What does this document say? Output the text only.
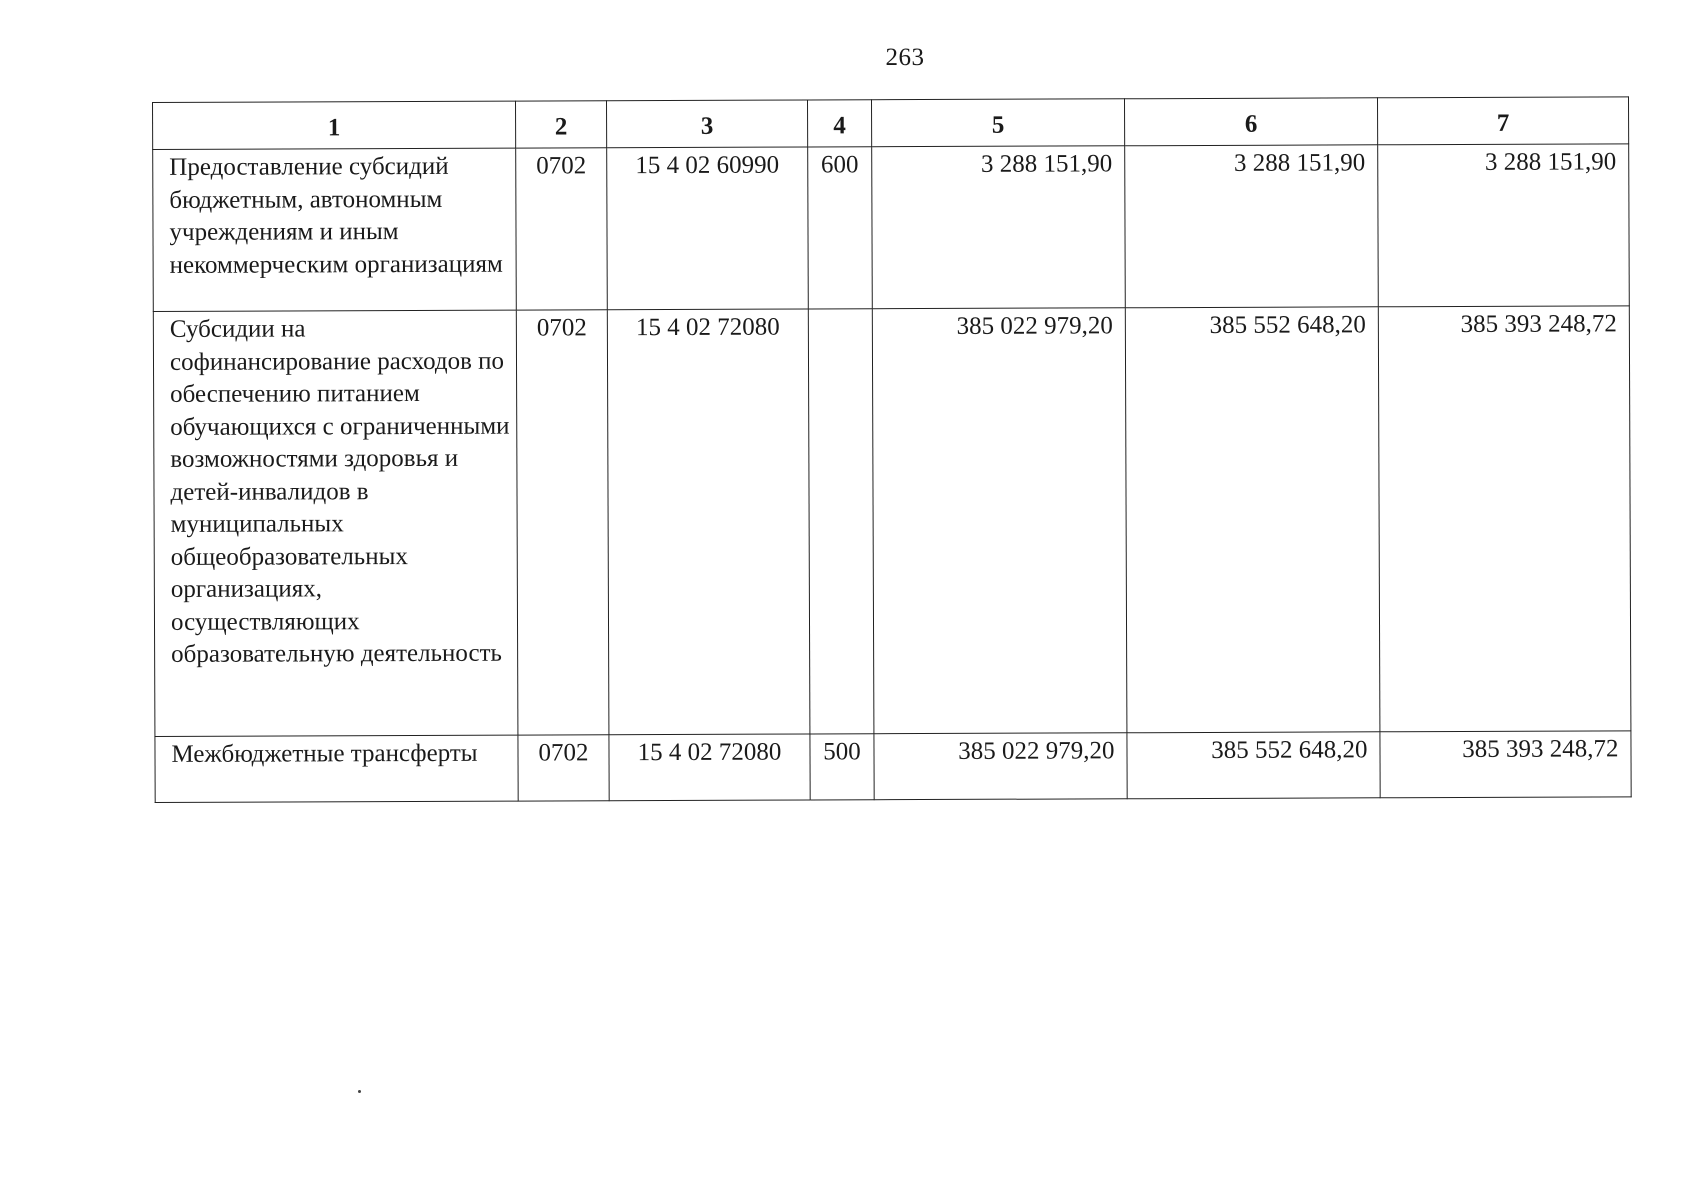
263
1	2	3	4	5	6	7
Предоставление субсидий бюджетным, автономным учреждениям и иным некоммерческим организациям	0702	15 4 02 60990	600	3 288 151,90	3 288 151,90	3 288 151,90
Субсидии на софинансирование расходов по обеспечению питанием обучающихся с ограниченными возможностями здоровья и детей-инвалидов в муниципальных общеобразовательных организациях, осуществляющих образовательную деятельность	0702	15 4 02 72080		385 022 979,20	385 552 648,20	385 393 248,72
Межбюджетные трансферты	0702	15 4 02 72080	500	385 022 979,20	385 552 648,20	385 393 248,72
